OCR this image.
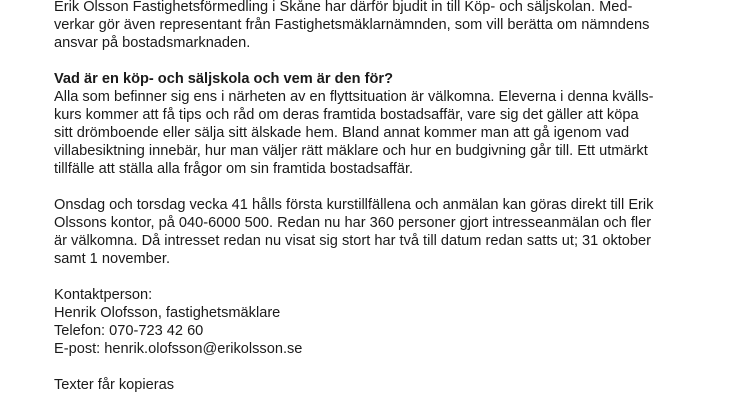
Erik Olsson Fastighetsförmedling i Skåne har därför bjudit in till Köp- och säljskolan. Med-
verkar gör även representant från Fastighetsmäklarnämnden, som vill berätta om nämndens
ansvar på bostadsmarknaden.
Vad är en köp- och säljskola och vem är den för?
Alla som befinner sig ens i närheten av en flyttsituation är välkomna. Eleverna i denna kvälls-
kurs kommer att få tips och råd om deras framtida bostadsaffär, vare sig det gäller att köpa
sitt drömboende eller sälja sitt älskade hem. Bland annat kommer man att gå igenom vad
villabesiktning innebär, hur man väljer rätt mäklare och hur en budgivning går till. Ett utmärkt
tillfälle att ställa alla frågor om sin framtida bostadsaffär.
Onsdag och torsdag vecka 41 hålls första kurstillfällena och anmälan kan göras direkt till Erik
Olssons kontor, på 040-6000 500. Redan nu har 360 personer gjort intresseanmälan och fler
är välkomna. Då intresset redan nu visat sig stort har två till datum redan satts ut; 31 oktober
samt 1 november.
Kontaktperson:
Henrik Olofsson, fastighetsmäklare
Telefon: 070-723 42 60
E-post: henrik.olofsson@erikolsson.se
Texter får kopieras
